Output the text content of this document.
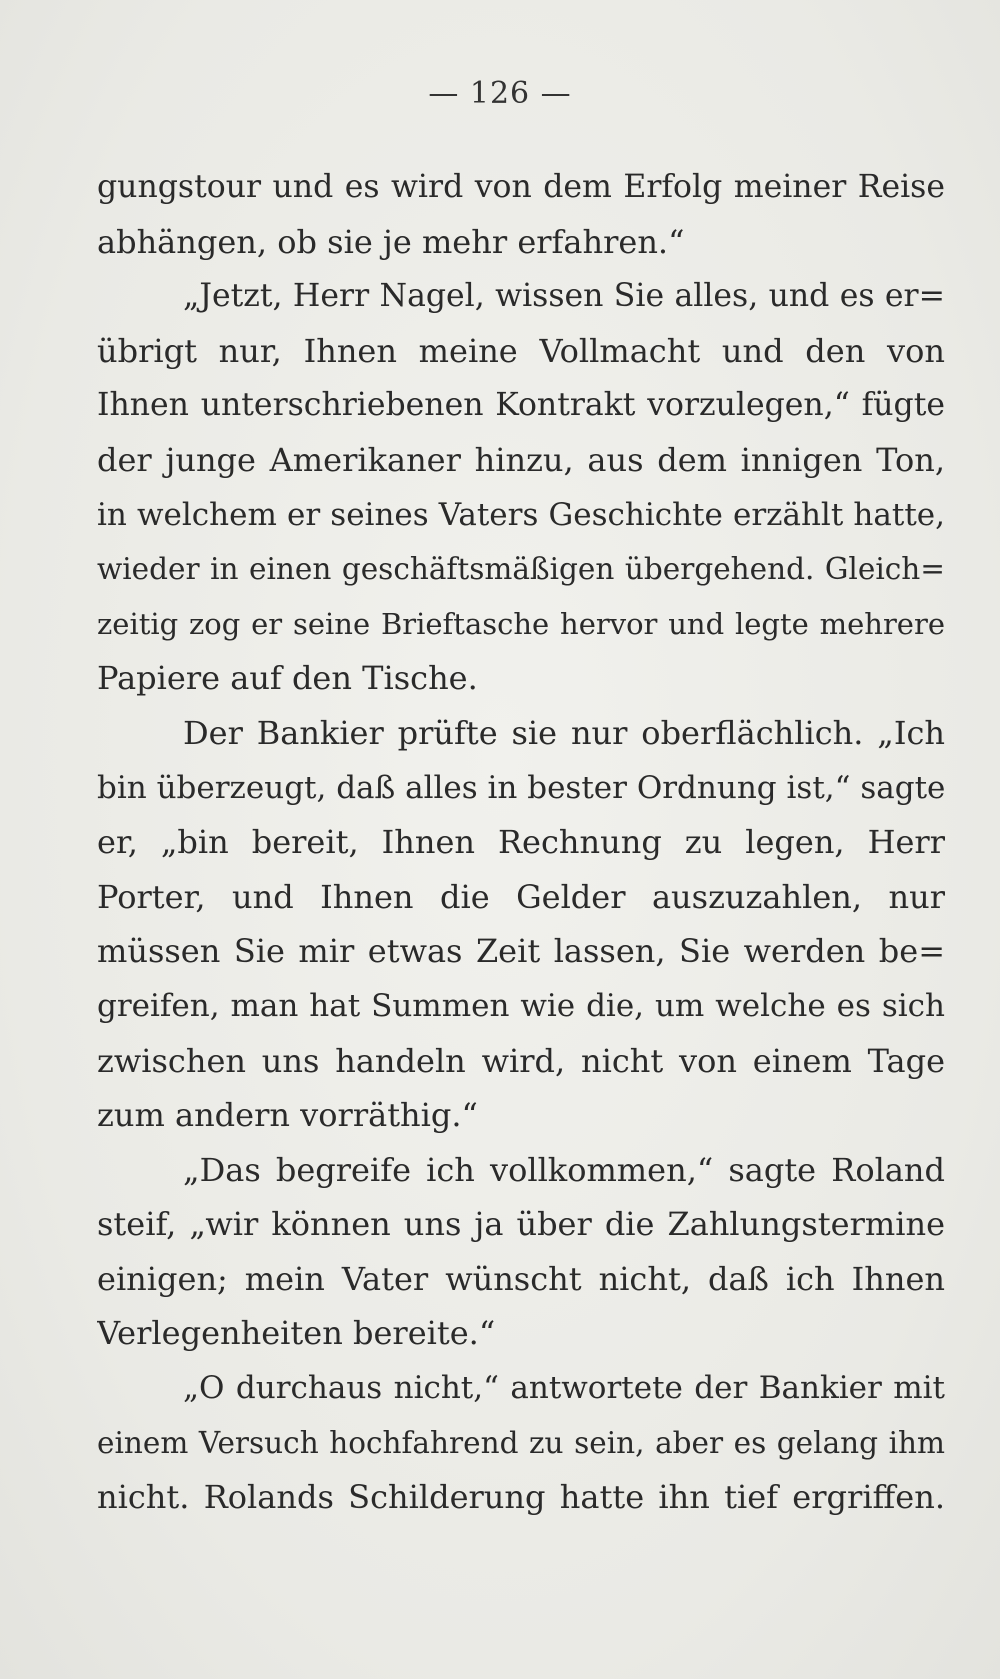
— 126 —
gungstour und es wird von dem Erfolg meiner Reise
abhängen, ob sie je mehr erfahren.“
„Jetzt, Herr Nagel, wissen Sie alles, und es er=
übrigt nur, Ihnen meine Vollmacht und den von
Ihnen unterschriebenen Kontrakt vorzulegen,“ fügte
der junge Amerikaner hinzu, aus dem innigen Ton,
in welchem er seines Vaters Geschichte erzählt hatte,
wieder in einen geschäftsmäßigen übergehend. Gleich=
zeitig zog er seine Brieftasche hervor und legte mehrere
Papiere auf den Tische.
Der Bankier prüfte sie nur oberflächlich. „Ich
bin überzeugt, daß alles in bester Ordnung ist,“ sagte
er, „bin bereit, Ihnen Rechnung zu legen, Herr
Porter, und Ihnen die Gelder auszuzahlen, nur
müssen Sie mir etwas Zeit lassen, Sie werden be=
greifen, man hat Summen wie die, um welche es sich
zwischen uns handeln wird, nicht von einem Tage
zum andern vorräthig.“
„Das begreife ich vollkommen,“ sagte Roland
steif, „wir können uns ja über die Zahlungstermine
einigen; mein Vater wünscht nicht, daß ich Ihnen
Verlegenheiten bereite.“
„O durchaus nicht,“ antwortete der Bankier mit
einem Versuch hochfahrend zu sein, aber es gelang ihm
nicht. Rolands Schilderung hatte ihn tief ergriffen.
